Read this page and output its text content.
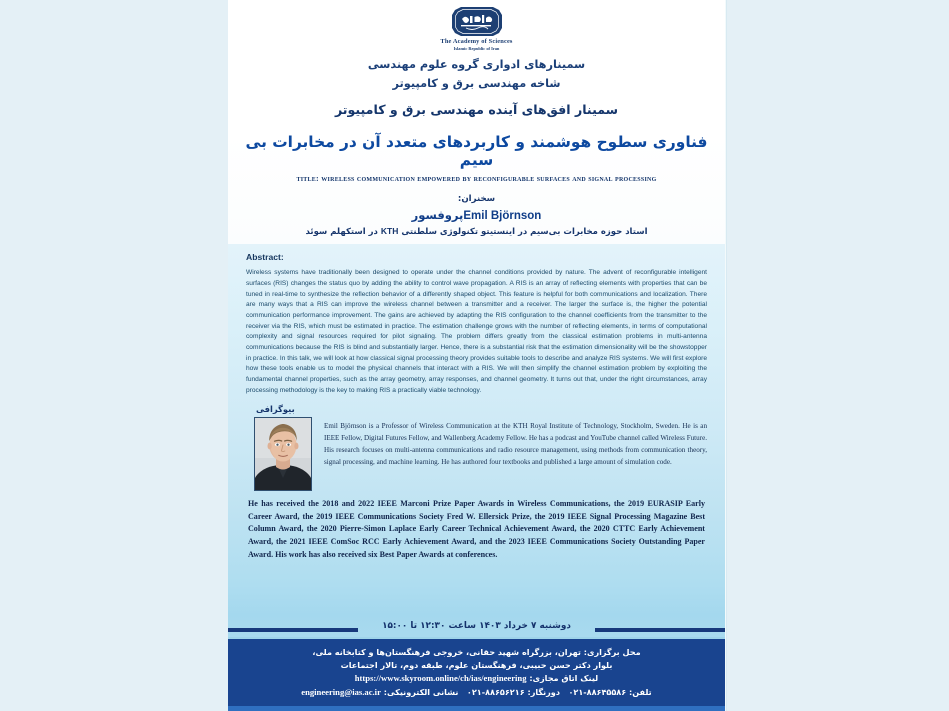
The Academy of Sciences
Islamic Republic of Iran
سمینارهای ادواری گروه علوم مهندسی
شاخه مهندسی برق و کامپیوتر
سمینار افق‌های آینده مهندسی برق و کامپیوتر
فناوری سطوح هوشمند و کاربردهای متعدد آن در مخابرات بی سیم
title: wireless communication empowered by reconfigurable surfaces and signal processing
سخنران:
Emil Björnsonپروفسور
استاد حوزه مخابرات بی‌سیم در اینستیتو تکنولوژی سلطنتی KTH در استکهلم سوئد
Abstract:

Wireless systems have traditionally been designed to operate under the channel conditions provided by nature. The advent of reconfigurable intelligent surfaces (RIS) changes the status quo by adding the ability to control wave propagation. A RIS is an array of reflecting elements with properties that can be tuned in real-time to synthesize the reflection behavior of a differently shaped object. This feature is helpful for both communications and localization. There are many ways that a RIS can improve the wireless channel between a transmitter and a receiver. The larger the surface is, the higher the potential communication performance improvement. The gains are achieved by adapting the RIS configuration to the channel coefficients from the transmitter to the receiver via the RIS, which must be estimated in practice. The estimation challenge grows with the number of reflecting elements, in terms of computational complexity and signal resources required for pilot signaling. The problem differs greatly from the classical estimation problems in multi-antenna communications because the RIS is blind and substantially larger. Hence, there is a substantial risk that the estimation dimensionality will be the showstopper in practice. In this talk, we will look at how classical signal processing theory provides suitable tools to describe and analyze RIS systems. We will first explore how these tools enable us to model the physical channels that interact with a RIS. We will then simplify the channel estimation problem by exploiting the fundamental channel properties, such as the array geometry, array responses, and channel geometry. It turns out that, under the right circumstances, array processing methodology is the key to making RIS a practically viable technology.

بیوگرافی

Emil Björnson is a Professor of Wireless Communication at the KTH Royal Institute of Technology, Stockholm, Sweden. He is an IEEE Fellow, Digital Futures Fellow, and Wallenberg Academy Fellow. He has a podcast and YouTube channel called Wireless Future. His research focuses on multi-antenna communications and radio resource management, using methods from communication theory, signal processing, and machine learning. He has authored four textbooks and published a large amount of simulation code.

He has received the 2018 and 2022 IEEE Marconi Prize Paper Awards in Wireless Communications, the 2019 EURASIP Early Career Award, the 2019 IEEE Communications Society Fred W. Ellersick Prize, the 2019 IEEE Signal Processing Magazine Best Column Award, the 2020 Pierre-Simon Laplace Early Career Technical Achievement Award, the 2020 CTTC Early Achievement Award, the 2021 IEEE ComSoc RCC Early Achievement Award, and the 2023 IEEE Communications Society Outstanding Paper Award. His work has also received six Best Paper Awards at conferences.

دوشنبه ۷ خرداد ۱۴۰۳ ساعت ۱۲:۳۰ تا ۱۵:۰۰
محل برگزاری: تهران، بزرگراه شهید حقانی، خروجی فرهنگستان‌ها و کتابخانه ملی،
بلوار دکتر حسن حبیبی، فرهنگستان علوم، طبقه دوم، تالار اجتماعات
لینک اتاق مجازی: https://www.skyroom.online/ch/ias/engineering
تلفن: ۸۸۶۴۵۵۸۶-۰۲۱   دورنگار: ۸۸۶۵۶۲۱۶-۰۲۱   نشانی الکترونیکی: engineering@ias.ac.ir
